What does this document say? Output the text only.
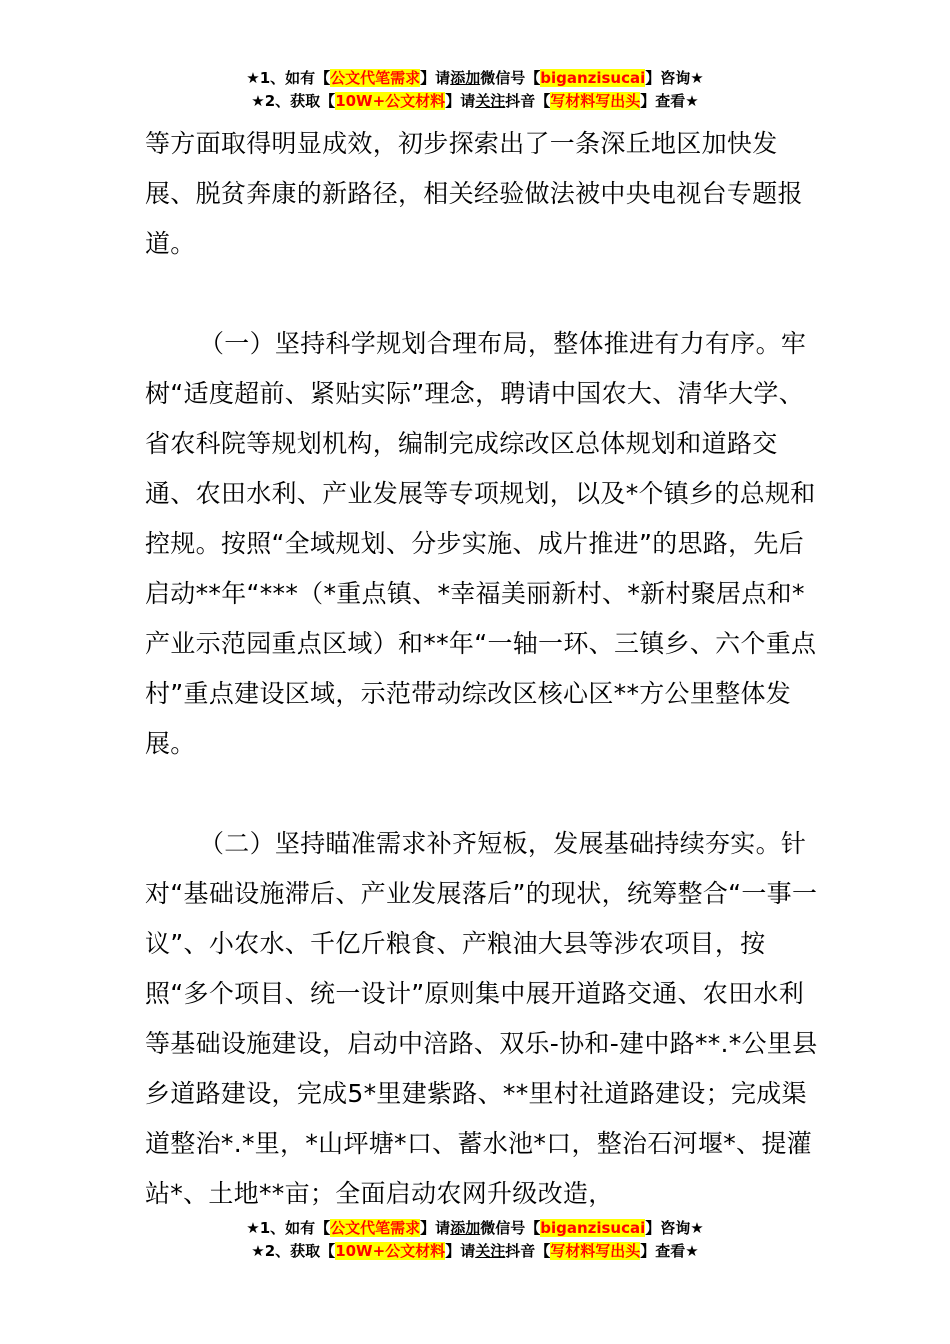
★1、如有【公文代笔需求】请添加微信号【biganzisucai】咨询★
★2、获取【10W+公文材料】请关注抖音【写材料写出头】查看★

等方面取得明显成效，初步探索出了一条深丘地区加快发展、脱贫奔康的新路径，相关经验做法被中央电视台专题报道。

（一）坚持科学规划合理布局，整体推进有力有序。牢树“适度超前、紧贴实际”理念，聘请中国农大、清华大学、省农科院等规划机构，编制完成综改区总体规划和道路交通、农田水利、产业发展等专项规划，以及*个镇乡的总规和控规。按照“全域规划、分步实施、成片推进”的思路，先后启动**年“***（*重点镇、*幸福美丽新村、*新村聚居点和*产业示范园重点区域）和**年“一轴一环、三镇乡、六个重点村”重点建设区域，示范带动综改区核心区**方公里整体发展。

（二）坚持瞄准需求补齐短板，发展基础持续夯实。针对“基础设施滞后、产业发展落后”的现状，统筹整合“一事一议”、小农水、千亿斤粮食、产粮油大县等涉农项目，按照“多个项目、统一设计”原则集中展开道路交通、农田水利等基础设施建设，启动中涪路、双乐-协和-建中路**.*公里县乡道路建设，完成5*里建紫路、**里村社道路建设；完成渠道整治*.*里，*山坪塘*口、蓄水池*口，整治石河堰*、提灌站*、土地**亩；全面启动农网升级改造，

★1、如有【公文代笔需求】请添加微信号【biganzisucai】咨询★
★2、获取【10W+公文材料】请关注抖音【写材料写出头】查看★
